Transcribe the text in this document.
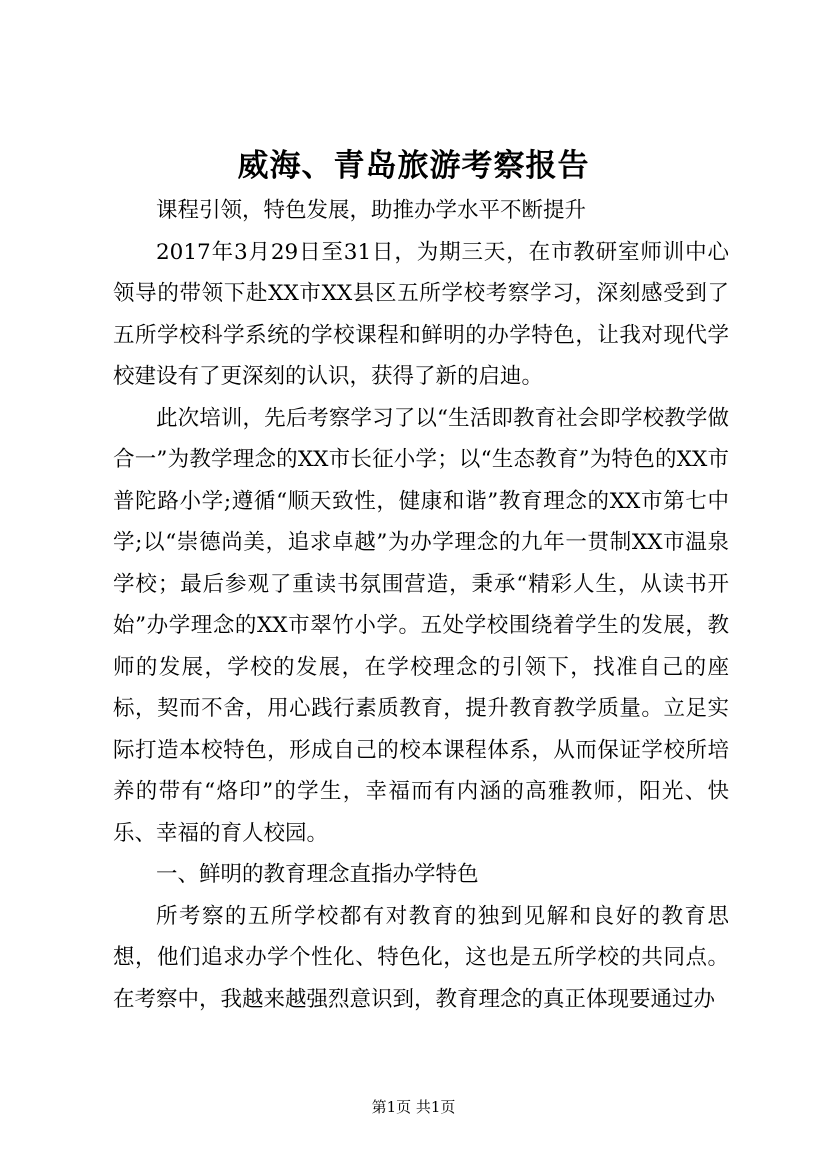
威海、青岛旅游考察报告

课程引领，特色发展，助推办学水平不断提升

2017年3月29日至31日，为期三天，在市教研室师训中心领导的带领下赴XX市XX县区五所学校考察学习，深刻感受到了五所学校科学系统的学校课程和鲜明的办学特色，让我对现代学校建设有了更深刻的认识，获得了新的启迪。

此次培训，先后考察学习了以“生活即教育社会即学校教学做合一”为教学理念的XX市长征小学；以“生态教育”为特色的XX市普陀路小学;遵循“顺天致性，健康和谐”教育理念的XX市第七中学;以“崇德尚美，追求卓越”为办学理念的九年一贯制XX市温泉学校；最后参观了重读书氛围营造，秉承“精彩人生，从读书开始”办学理念的XX市翠竹小学。五处学校围绕着学生的发展，教师的发展，学校的发展，在学校理念的引领下，找准自己的座标，契而不舍，用心践行素质教育，提升教育教学质量。立足实际打造本校特色，形成自己的校本课程体系，从而保证学校所培养的带有“烙印”的学生，幸福而有内涵的高雅教师，阳光、快乐、幸福的育人校园。

一、鲜明的教育理念直指办学特色

所考察的五所学校都有对教育的独到见解和良好的教育思想，他们追求办学个性化、特色化，这也是五所学校的共同点。在考察中，我越来越强烈意识到，教育理念的真正体现要通过办

第1页 共1页
